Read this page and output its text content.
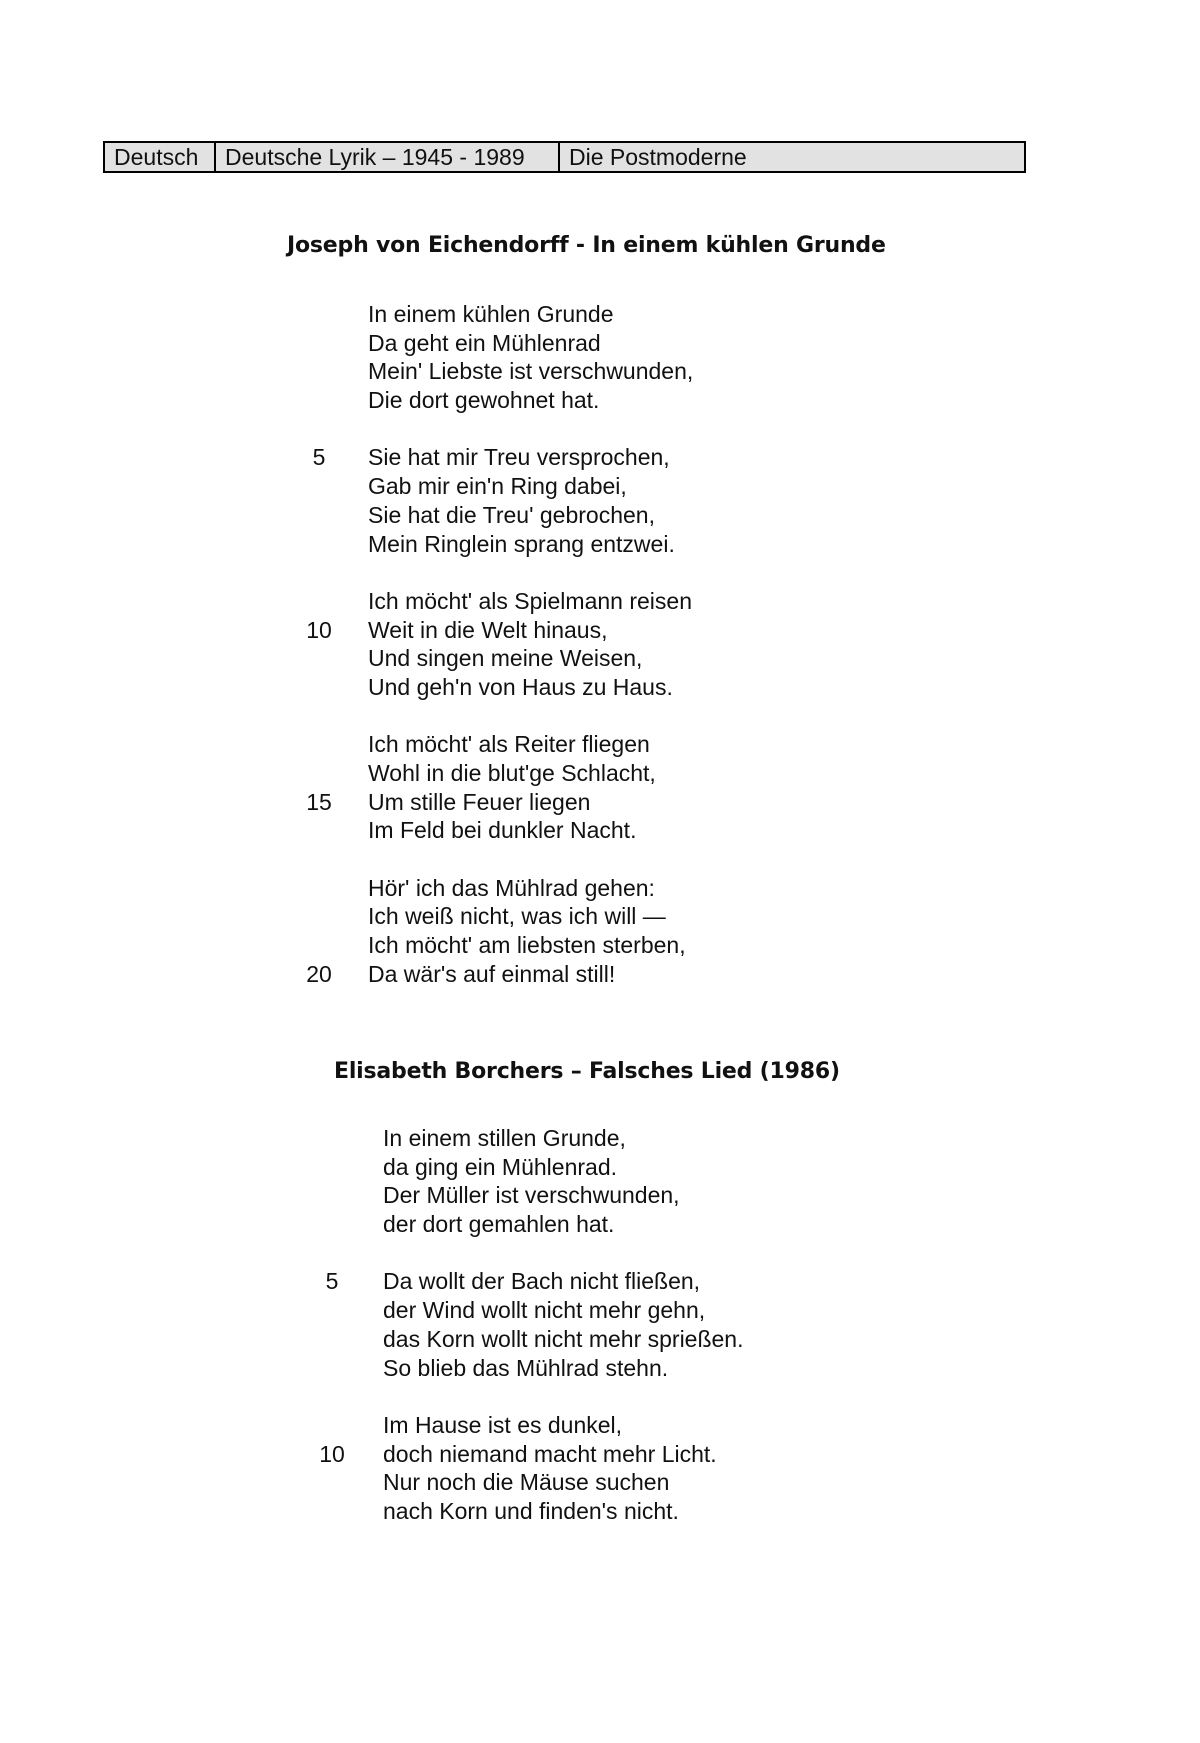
Deutsch	Deutsche Lyrik – 1945 - 1989	Die Postmoderne
Joseph von Eichendorff - In einem kühlen Grunde
In einem kühlen Grunde
Da geht ein Mühlenrad
Mein' Liebste ist verschwunden,
Die dort gewohnet hat.
Sie hat mir Treu versprochen,
5
Gab mir ein'n Ring dabei,
Sie hat die Treu' gebrochen,
Mein Ringlein sprang entzwei.
Ich möcht' als Spielmann reisen
Weit in die Welt hinaus,
10
Und singen meine Weisen,
Und geh'n von Haus zu Haus.
Ich möcht' als Reiter fliegen
Wohl in die blut'ge Schlacht,
Um stille Feuer liegen
15
Im Feld bei dunkler Nacht.
Hör' ich das Mühlrad gehen:
Ich weiß nicht, was ich will —
Ich möcht' am liebsten sterben,
Da wär's auf einmal still!
20
Elisabeth Borchers – Falsches Lied (1986)
In einem stillen Grunde,
da ging ein Mühlenrad.
Der Müller ist verschwunden,
der dort gemahlen hat.
Da wollt der Bach nicht fließen,
5
der Wind wollt nicht mehr gehn,
das Korn wollt nicht mehr sprießen.
So blieb das Mühlrad stehn.
Im Hause ist es dunkel,
doch niemand macht mehr Licht.
10
Nur noch die Mäuse suchen
nach Korn und finden's nicht.
